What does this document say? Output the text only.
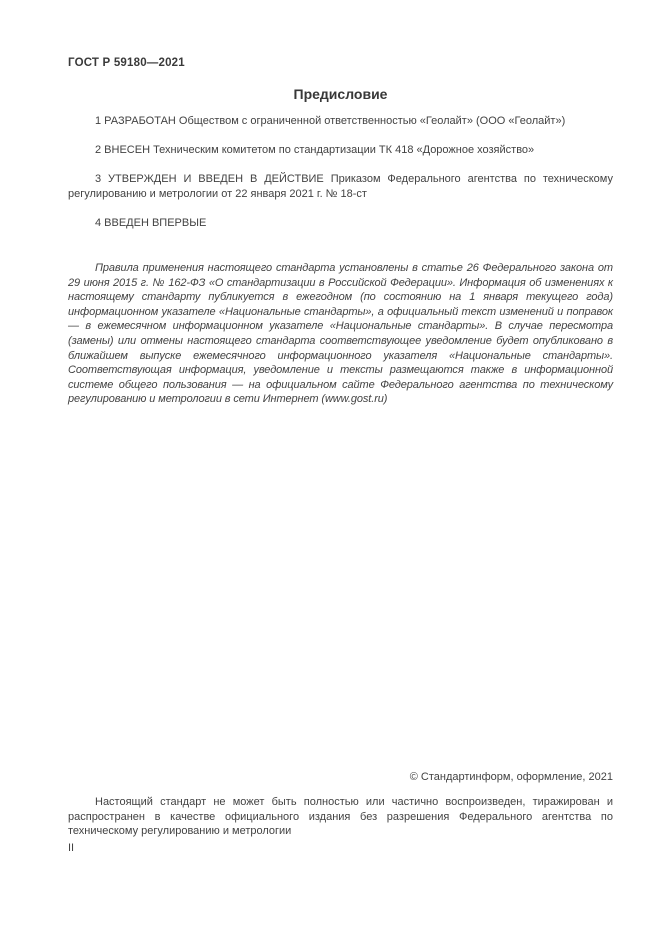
ГОСТ Р 59180—2021
Предисловие

1 РАЗРАБОТАН Обществом с ограниченной ответственностью «Геолайт» (ООО «Геолайт»)

2 ВНЕСЕН Техническим комитетом по стандартизации ТК 418 «Дорожное хозяйство»

3 УТВЕРЖДЕН И ВВЕДЕН В ДЕЙСТВИЕ Приказом Федерального агентства по техническому регулированию и метрологии от 22 января 2021 г. № 18-ст

4 ВВЕДЕН ВПЕРВЫЕ

Правила применения настоящего стандарта установлены в статье 26 Федерального закона от 29 июня 2015 г. № 162-ФЗ «О стандартизации в Российской Федерации». Информация об изменениях к настоящему стандарту публикуется в ежегодном (по состоянию на 1 января текущего года) информационном указателе «Национальные стандарты», а официальный текст изменений и поправок — в ежемесячном информационном указателе «Национальные стандарты». В случае пересмотра (замены) или отмены настоящего стандарта соответствующее уведомление будет опубликовано в ближайшем выпуске ежемесячного информационного указателя «Национальные стандарты». Соответствующая информация, уведомление и тексты размещаются также в информационной системе общего пользования — на официальном сайте Федерального агентства по техническому регулированию и метрологии в сети Интернет (www.gost.ru)

© Стандартинформ, оформление, 2021

Настоящий стандарт не может быть полностью или частично воспроизведен, тиражирован и распространен в качестве официального издания без разрешения Федерального агентства по техническому регулированию и метрологии

II
